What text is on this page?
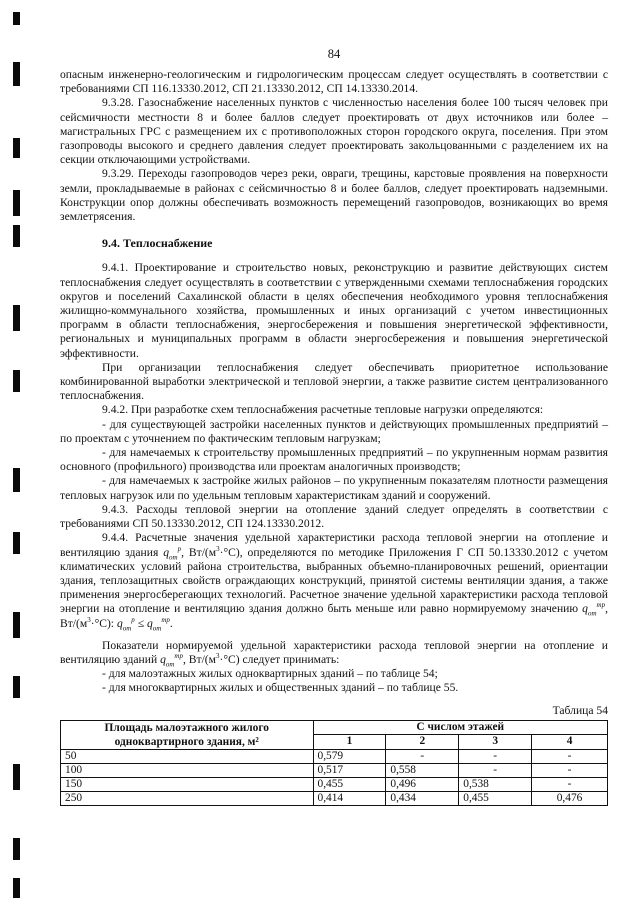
84

опасным инженерно-геологическим и гидрологическим процессам следует осуществлять в соответствии с требованиями СП 116.13330.2012, СП 21.13330.2012, СП 14.13330.2014.

9.3.28. Газоснабжение населенных пунктов с численностью населения более 100 тысяч человек при сейсмичности местности 8 и более баллов следует проектировать от двух источников или более – магистральных ГРС с размещением их с противоположных сторон городского округа, поселения. При этом газопроводы высокого и среднего давления следует проектировать закольцованными с разделением их на секции отключающими устройствами.

9.3.29. Переходы газопроводов через реки, овраги, трещины, карстовые проявления на поверхности земли, прокладываемые в районах с сейсмичностью 8 и более баллов, следует проектировать надземными. Конструкции опор должны обеспечивать возможность перемещений газопроводов, возникающих во время землетрясения.

9.4. Теплоснабжение

9.4.1. Проектирование и строительство новых, реконструкцию и развитие действующих систем теплоснабжения следует осуществлять в соответствии с утвержденными схемами теплоснабжения городских округов и поселений Сахалинской области в целях обеспечения необходимого уровня теплоснабжения жилищно-коммунального хозяйства, промышленных и иных организаций с учетом инвестиционных программ в области теплоснабжения, энергосбережения и повышения энергетической эффективности, региональных и муниципальных программ в области энергосбережения и повышения энергетической эффективности.

При организации теплоснабжения следует обеспечивать приоритетное использование комбинированной выработки электрической и тепловой энергии, а также развитие систем централизованного теплоснабжения.

9.4.2. При разработке схем теплоснабжения расчетные тепловые нагрузки определяются:

- для существующей застройки населенных пунктов и действующих промышленных предприятий – по проектам с уточнением по фактическим тепловым нагрузкам;

- для намечаемых к строительству промышленных предприятий – по укрупненным нормам развития основного (профильного) производства или проектам аналогичных производств;

- для намечаемых к застройке жилых районов – по укрупненным показателям плотности размещения тепловых нагрузок или по удельным тепловым характеристикам зданий и сооружений.

9.4.3. Расходы тепловой энергии на отопление зданий следует определять в соответствии с требованиями СП 50.13330.2012, СП 124.13330.2012.

9.4.4. Расчетные значения удельной характеристики расхода тепловой энергии на отопление и вентиляцию здания $q_{от}^р$, $Вт/(м^3\cdot^\circ С)$, определяются по методике Приложения Г СП 50.13330.2012 с учетом климатических условий района строительства, выбранных объемно-планировочных решений, ориентации здания, теплозащитных свойств ограждающих конструкций, принятой системы вентиляции здания, а также применения энергосберегающих технологий. Расчетное значение удельной характеристики расхода тепловой энергии на отопление и вентиляцию здания должно быть меньше или равно нормируемому значению $q_{от}^{тр}$, $Вт/(м^3\cdot^\circ С)$: $q_{от}^р \le q_{от}^{тр}$.

Показатели нормируемой удельной характеристики расхода тепловой энергии на отопление и вентиляцию зданий $q_{от}^{тр}$, $Вт/(м^3\cdot^\circ С)$ следует принимать:

- для малоэтажных жилых одноквартирных зданий – по таблице 54;

- для многоквартирных жилых и общественных зданий – по таблице 55.

Таблица 54
Площадь малоэтажного жилого одноквартирного здания, м²	С числом этажей			
	1	2	3	4
50	0,579	-	-	-
100	0,517	0,558	-	-
150	0,455	0,496	0,538	-
250	0,414	0,434	0,455	0,476
